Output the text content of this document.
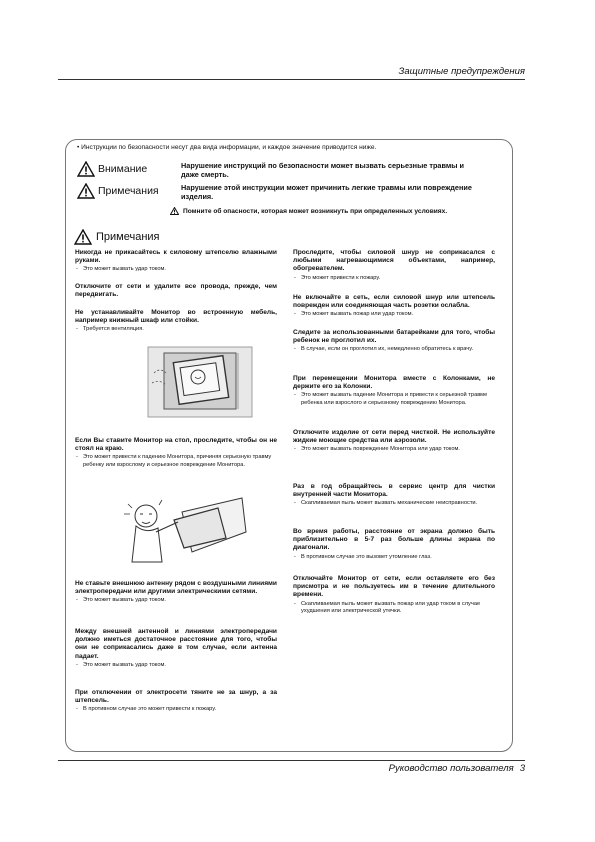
Защитные предупреждения
• Инструкции по безопасности несут два вида информации, и каждое значение приводится ниже.
Внимание	Нарушение инструкций по безопасности может вызвать серьезные травмы и даже смерть.
Примечания	Нарушение этой инструкции может причинить легкие травмы или повреждение изделия.
Помните об опасности, которая может возникнуть при определенных условиях.
Примечания
Никогда не прикасайтесь к силовому штепселю влажными руками.
- Это может вызвать удар током.
Отключите от сети и удалите все провода, прежде, чем передвигать.
Не устанавливайте Монитор во встроенную мебель, например книжный шкаф или стойки.
- Требуется вентиляция.
Если Вы ставите Монитор на стол, проследите, чтобы он не стоял на краю.
- Это может привести к падению Монитора, причиняя серьезную травму ребенку или взрослому и серьезное повреждение Монитора.
Не ставьте внешнюю антенну рядом с воздушными линиями электропередачи или другими электрическими сетями.
- Это может вызвать удар током.
Между внешней антенной и линиями электропередачи должно иметься достаточное расстояние для того, чтобы они не соприкасались даже в том случае, если антенна падает.
- Это может вызвать удар током.
При отключении от электросети тяните не за шнур, а за штепсель.
- В противном случае это может привести к пожару.
Проследите, чтобы силовой шнур не соприкасался с любыми нагревающимися объектами, например, обогревателем.
- Это может привести к пожару.
Не включайте в сеть, если силовой шнур или штепсель поврежден или соединяющая часть розетки ослабла.
- Это может вызвать пожар или удар током.
Следите за использованными батарейками для того, чтобы ребенок не проглотил их.
- В случае, если он проглотил их, немедленно обратитесь к врачу.
При перемещении Монитора вместе с Колонками, не держите его за Колонки.
- Это может вызвать падение Монитора и привести к серьезной травме ребенка или взрослого и серьезному повреждению Монитора.
Отключите изделие от сети перед чисткой. Не используйте жидкие моющие средства или аэрозоли.
- Это может вызвать повреждение Монитора или удар током.
Раз в год обращайтесь в сервис центр для чистки внутренней части Монитора.
- Скапливаемая пыль может вызвать механические неисправности.
Во время работы, расстояние от экрана должно быть приблизительно в 5-7 раз больше длины экрана по диагонали.
- В противном случае это вызовет утомление глаз.
Отключайте Монитор от сети, если оставляете его без присмотра и не пользуетесь им в течение длительного времени.
- Скапливаемая пыль может вызвать пожар или удар током в случае ухудшения или электрической утечки.
Руководство пользователя 3
